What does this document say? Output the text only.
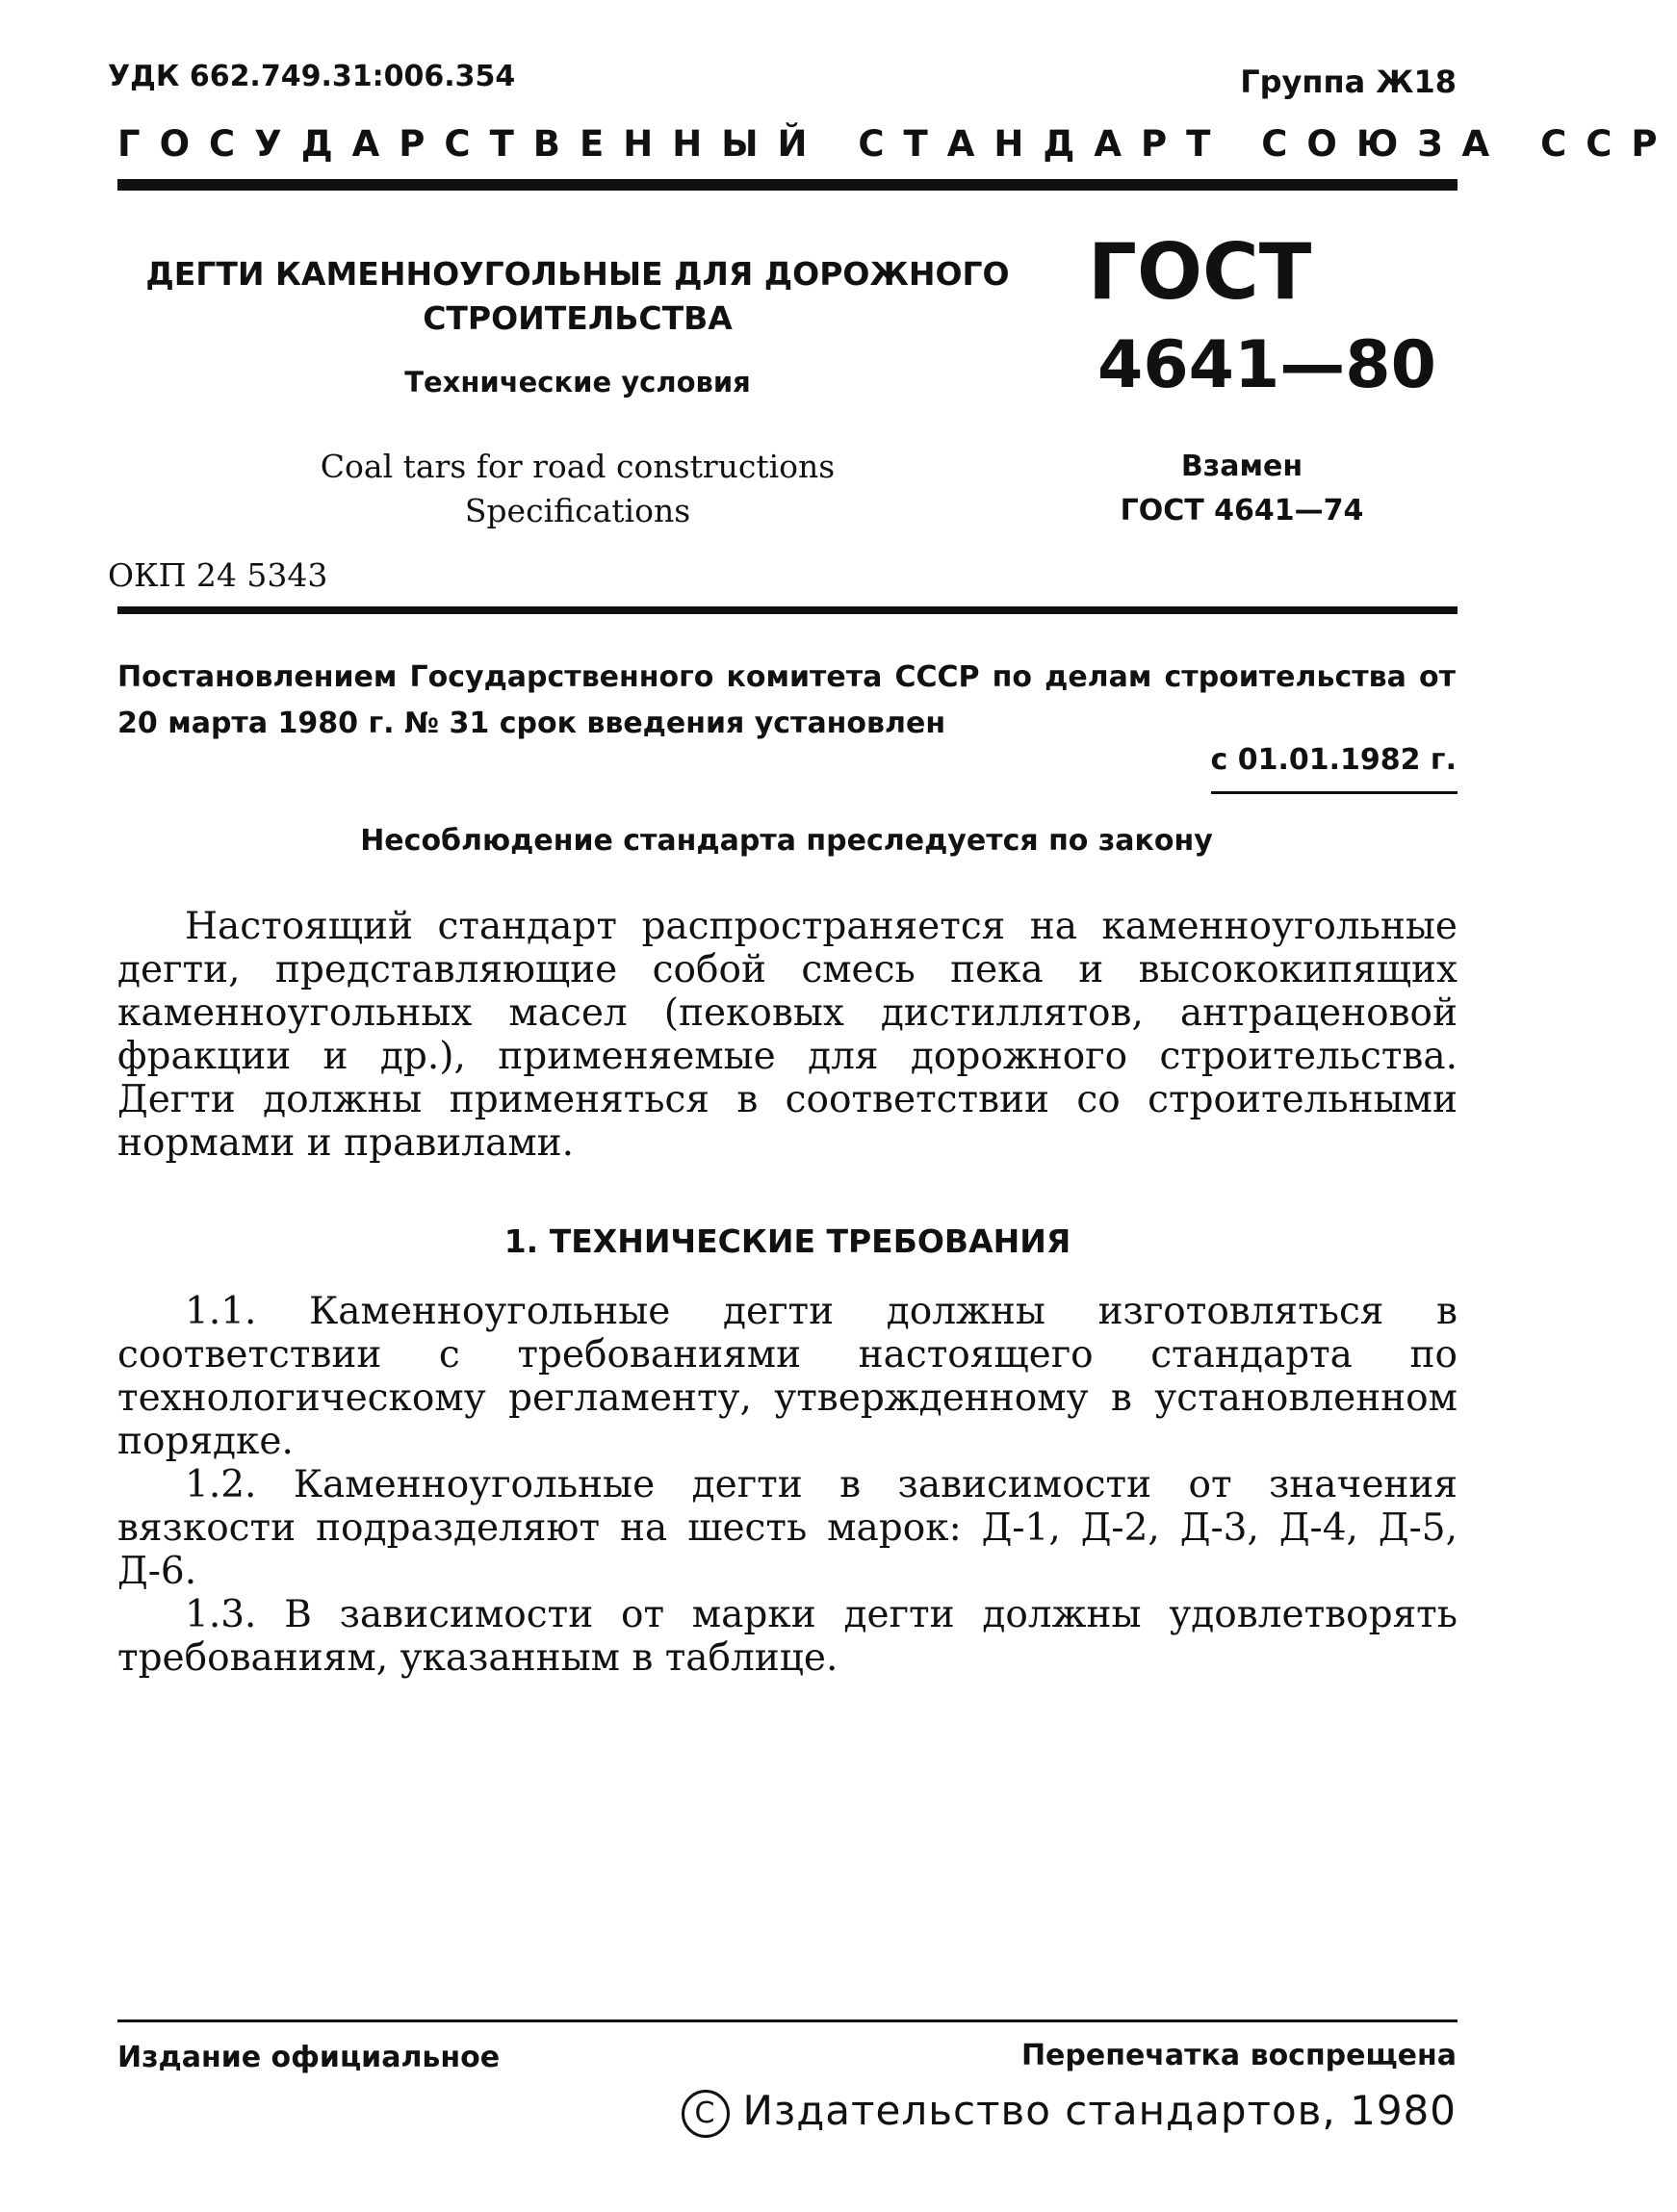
УДК 662.749.31:006.354	Группа Ж18
ГОСУДАРСТВЕННЫЙ СТАНДАРТ СОЮЗА ССР
ДЕГТИ КАМЕННОУГОЛЬНЫЕ ДЛЯ ДОРОЖНОГО
СТРОИТЕЛЬСТВА
Технические условия
Coal tars for road constructions
Specifications
ГОСТ
4641—80
Взамен
ГОСТ 4641—74
ОКП 24 5343
Постановлением Государственного комитета СССР по делам строительства от 20 марта 1980 г. № 31 срок введения установлен
с 01.01.1982 г.
Несоблюдение стандарта преследуется по закону

Настоящий стандарт распространяется на каменноугольные дегти, представляющие собой смесь пека и высококипящих каменноугольных масел (пековых дистиллятов, антраценовой фракции и др.), применяемые для дорожного строительства. Дегти должны применяться в соответствии со строительными нормами и правилами.

1. ТЕХНИЧЕСКИЕ ТРЕБОВАНИЯ

1.1. Каменноугольные дегти должны изготовляться в соответствии с требованиями настоящего стандарта по технологическому регламенту, утвержденному в установленном порядке.

1.2. Каменноугольные дегти в зависимости от значения вязкости подразделяют на шесть марок: Д-1, Д-2, Д-3, Д-4, Д-5, Д-6.

1.3. В зависимости от марки дегти должны удовлетворять требованиям, указанным в таблице.

Издание официальное	Перепечатка воспрещена
C Издательство стандартов, 1980
